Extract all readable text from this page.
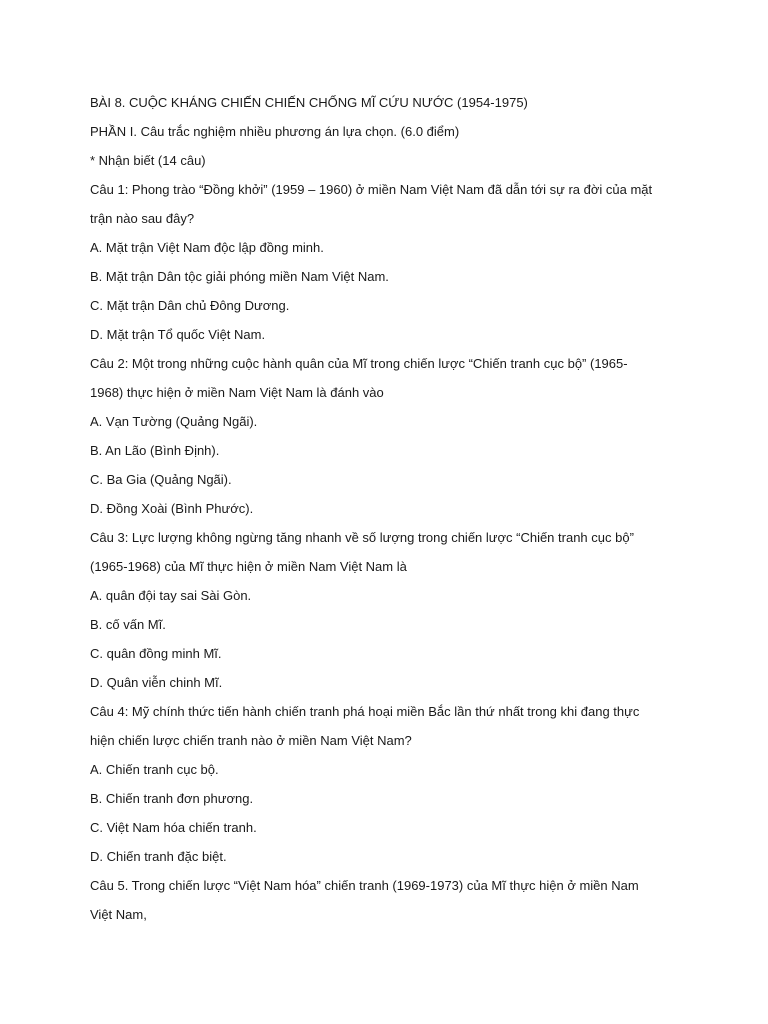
BÀI 8. CUỘC KHÁNG CHIẾN CHIẾN CHỐNG MĨ CỨU NƯỚC (1954-1975)

PHẦN I. Câu trắc nghiệm nhiều phương án lựa chọn. (6.0 điểm)

* Nhận biết (14 câu)

Câu 1: Phong trào “Đồng khởi” (1959 – 1960) ở miền Nam Việt Nam đã dẫn tới sự ra đời của mặt

trận nào sau đây?

A. Mặt trận Việt Nam độc lập đồng minh.

B. Mặt trận Dân tộc giải phóng miền Nam Việt Nam.

C. Mặt trận Dân chủ Đông Dương.

D. Mặt trận Tổ quốc Việt Nam.

Câu 2: Một trong những cuộc hành quân của Mĩ trong chiến lược “Chiến tranh cục bộ” (1965-

1968) thực hiện ở miền Nam Việt Nam là đánh vào

A. Vạn Tường (Quảng Ngãi).

B. An Lão (Bình Định).

C. Ba Gia (Quảng Ngãi).

D. Đồng Xoài (Bình Phước).

Câu 3: Lực lượng không ngừng tăng nhanh về số lượng trong chiến lược “Chiến tranh cục bộ”

(1965-1968) của Mĩ thực hiện ở miền Nam Việt Nam là

A. quân đội tay sai Sài Gòn.

B. cố vấn Mĩ.

C. quân đồng minh Mĩ.

D. Quân viễn chinh Mĩ.

Câu 4: Mỹ chính thức tiến hành chiến tranh phá hoại miền Bắc lần thứ nhất trong khi đang thực

hiện chiến lược chiến tranh nào ở miền Nam Việt Nam?

A. Chiến tranh cục bộ.

B. Chiến tranh đơn phương.

C. Việt Nam hóa chiến tranh.

D. Chiến tranh đặc biệt.

Câu 5. Trong chiến lược “Việt Nam hóa” chiến tranh (1969-1973) của Mĩ thực hiện ở miền Nam

Việt Nam,
